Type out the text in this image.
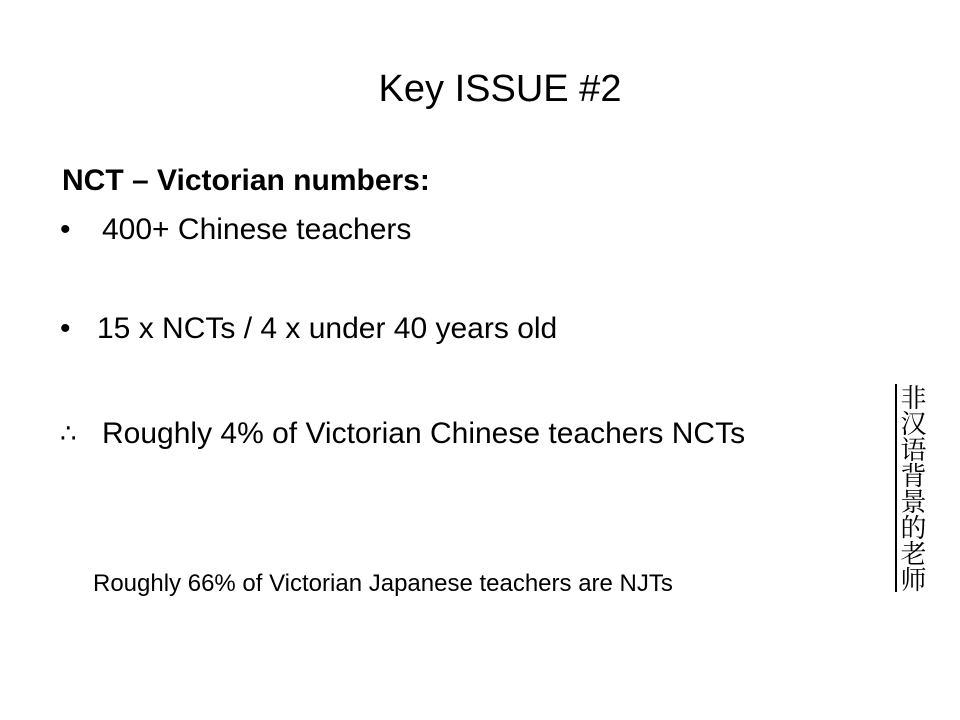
Key ISSUE #2

NCT – Victorian numbers:

• 400+ Chinese teachers
• 15 x NCTs / 4 x under 40 years old
∴ Roughly 4% of Victorian Chinese teachers NCTs
Roughly 66% of Victorian Japanese teachers are NJTs	非汉语背景的老师
